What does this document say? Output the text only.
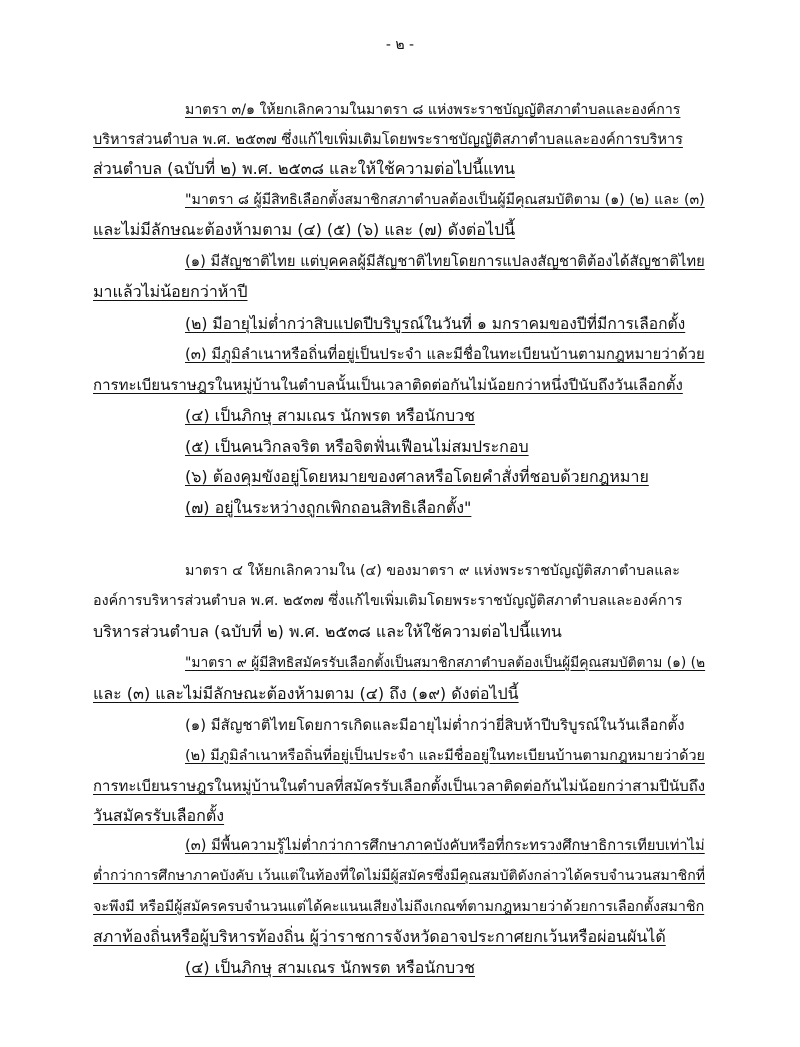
- ๒ -
มาตรา ๓/๑ ให้ยกเลิกความในมาตรา ๘ แห่งพระราชบัญญัติสภาตำบลและองค์การ
บริหารส่วนตำบล พ.ศ. ๒๕๓๗ ซึ่งแก้ไขเพิ่มเติมโดยพระราชบัญญัติสภาตำบลและองค์การบริหาร
ส่วนตำบล (ฉบับที่ ๒) พ.ศ. ๒๕๓๘ และให้ใช้ความต่อไปนี้แทน
"มาตรา ๘ ผู้มีสิทธิเลือกตั้งสมาชิกสภาตำบลต้องเป็นผู้มีคุณสมบัติตาม (๑) (๒) และ (๓)
และไม่มีลักษณะต้องห้ามตาม (๔) (๕) (๖) และ (๗) ดังต่อไปนี้
(๑) มีสัญชาติไทย แต่บุคคลผู้มีสัญชาติไทยโดยการแปลงสัญชาติต้องได้สัญชาติไทย
มาแล้วไม่น้อยกว่าห้าปี
(๒) มีอายุไม่ต่ำกว่าสิบแปดปีบริบูรณ์ในวันที่ ๑ มกราคมของปีที่มีการเลือกตั้ง
(๓) มีภูมิลำเนาหรือถิ่นที่อยู่เป็นประจำ และมีชื่อในทะเบียนบ้านตามกฎหมายว่าด้วย
การทะเบียนราษฎรในหมู่บ้านในตำบลนั้นเป็นเวลาติดต่อกันไม่น้อยกว่าหนึ่งปีนับถึงวันเลือกตั้ง
(๔) เป็นภิกษุ สามเณร นักพรต หรือนักบวช
(๕) เป็นคนวิกลจริต หรือจิตฟั่นเฟือนไม่สมประกอบ
(๖) ต้องคุมขังอยู่โดยหมายของศาลหรือโดยคำสั่งที่ชอบด้วยกฎหมาย
(๗) อยู่ในระหว่างถูกเพิกถอนสิทธิเลือกตั้ง"
มาตรา ๔ ให้ยกเลิกความใน (๔) ของมาตรา ๙ แห่งพระราชบัญญัติสภาตำบลและ
องค์การบริหารส่วนตำบล พ.ศ. ๒๕๓๗ ซึ่งแก้ไขเพิ่มเติมโดยพระราชบัญญัติสภาตำบลและองค์การ
บริหารส่วนตำบล (ฉบับที่ ๒) พ.ศ. ๒๕๓๘ และให้ใช้ความต่อไปนี้แทน
"มาตรา ๙ ผู้มีสิทธิสมัครรับเลือกตั้งเป็นสมาชิกสภาตำบลต้องเป็นผู้มีคุณสมบัติตาม (๑) (๒
และ (๓) และไม่มีลักษณะต้องห้ามตาม (๔) ถึง (๑๙) ดังต่อไปนี้
(๑) มีสัญชาติไทยโดยการเกิดและมีอายุไม่ต่ำกว่ายี่สิบห้าปีบริบูรณ์ในวันเลือกตั้ง
(๒) มีภูมิลำเนาหรือถิ่นที่อยู่เป็นประจำ และมีชื่ออยู่ในทะเบียนบ้านตามกฎหมายว่าด้วย
การทะเบียนราษฎรในหมู่บ้านในตำบลที่สมัครรับเลือกตั้งเป็นเวลาติดต่อกันไม่น้อยกว่าสามปีนับถึง
วันสมัครรับเลือกตั้ง
(๓) มีพื้นความรู้ไม่ต่ำกว่าการศึกษาภาคบังคับหรือที่กระทรวงศึกษาธิการเทียบเท่าไม่
ต่ำกว่าการศึกษาภาคบังคับ เว้นแต่ในท้องที่ใดไม่มีผู้สมัครซึ่งมีคุณสมบัติดังกล่าวได้ครบจำนวนสมาชิกที่
จะพึงมี หรือมีผู้สมัครครบจำนวนแต่ได้คะแนนเสียงไม่ถึงเกณฑ์ตามกฎหมายว่าด้วยการเลือกตั้งสมาชิก
สภาท้องถิ่นหรือผู้บริหารท้องถิ่น ผู้ว่าราชการจังหวัดอาจประกาศยกเว้นหรือผ่อนผันได้
(๔) เป็นภิกษุ สามเณร นักพรต หรือนักบวช
